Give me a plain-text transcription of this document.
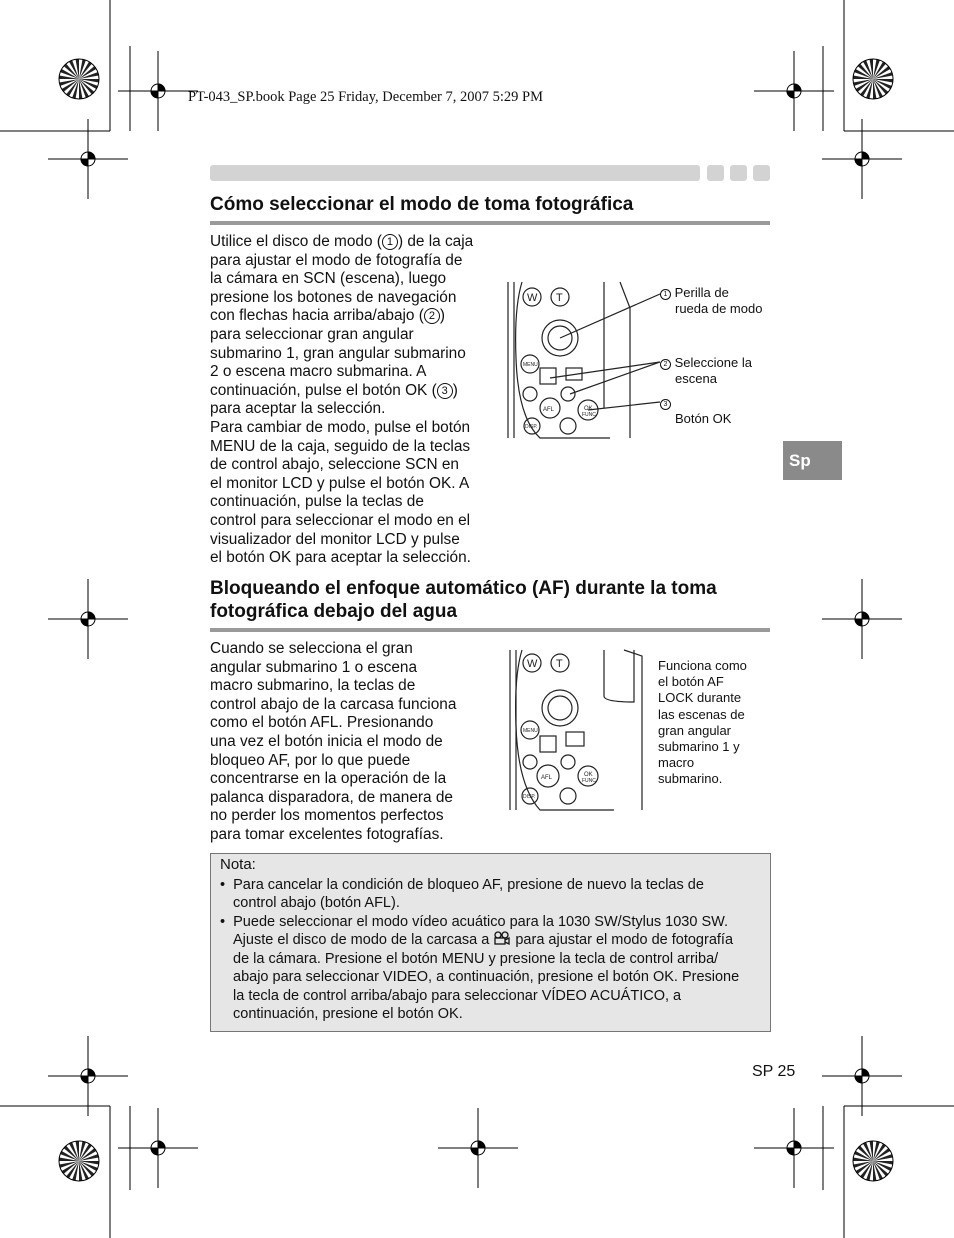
PT-043_SP.book Page 25 Friday, December 7, 2007 5:29 PM
Cómo seleccionar el modo de toma fotográfica
Utilice el disco de modo ( 1 ) de la caja
para ajustar el modo de fotografía de
la cámara en SCN (escena), luego
presione los botones de navegación
con flechas hacia arriba/abajo ( 2 )
para seleccionar gran angular
submarino 1, gran angular submarino
2 o escena macro submarina. A
continuación, pulse el botón OK ( 3 )
para aceptar la selección.
Para cambiar de modo, pulse el botón
MENU de la caja, seguido de la teclas
de control abajo, seleccione SCN en
el monitor LCD y pulse el botón OK. A
continuación, pulse la teclas de
control para seleccionar el modo en el
visualizador del monitor LCD y pulse
el botón OK para aceptar la selección.
W T
MENU
AFL	OK
FUNC
DISP.
1 Perilla de
rueda de modo
2 Seleccione la
escena
3
Botón OK
Sp
Bloqueando el enfoque automático (AF) durante la toma
fotográfica debajo del agua
Cuando se selecciona el gran
angular submarino 1 o escena
macro submarino, la teclas de
control abajo de la carcasa funciona
como el botón AFL. Presionando
una vez el botón inicia el modo de
bloqueo AF, por lo que puede
concentrarse en la operación de la
palanca disparadora, de manera de
no perder los momentos perfectos
para tomar excelentes fotografías.
W T
MENU
AFL	OK
FUNC
DISP.
Funciona como
el botón AF
LOCK durante
las escenas de
gran angular
submarino 1 y
macro
submarino.
Nota:
•  Para cancelar la condición de bloqueo AF, presione de nuevo la teclas de
control abajo (botón AFL).
•  Puede seleccionar el modo vídeo acuático para la 1030 SW/Stylus 1030 SW.
Ajuste el disco de modo de la carcasa a  para ajustar el modo de fotografía
de la cámara. Presione el botón MENU y presione la tecla de control arriba/
abajo para seleccionar VIDEO, a continuación, presione el botón OK. Presione
la tecla de control arriba/abajo para seleccionar VÍDEO ACUÁTICO, a
continuación, presione el botón OK.
SP 25
